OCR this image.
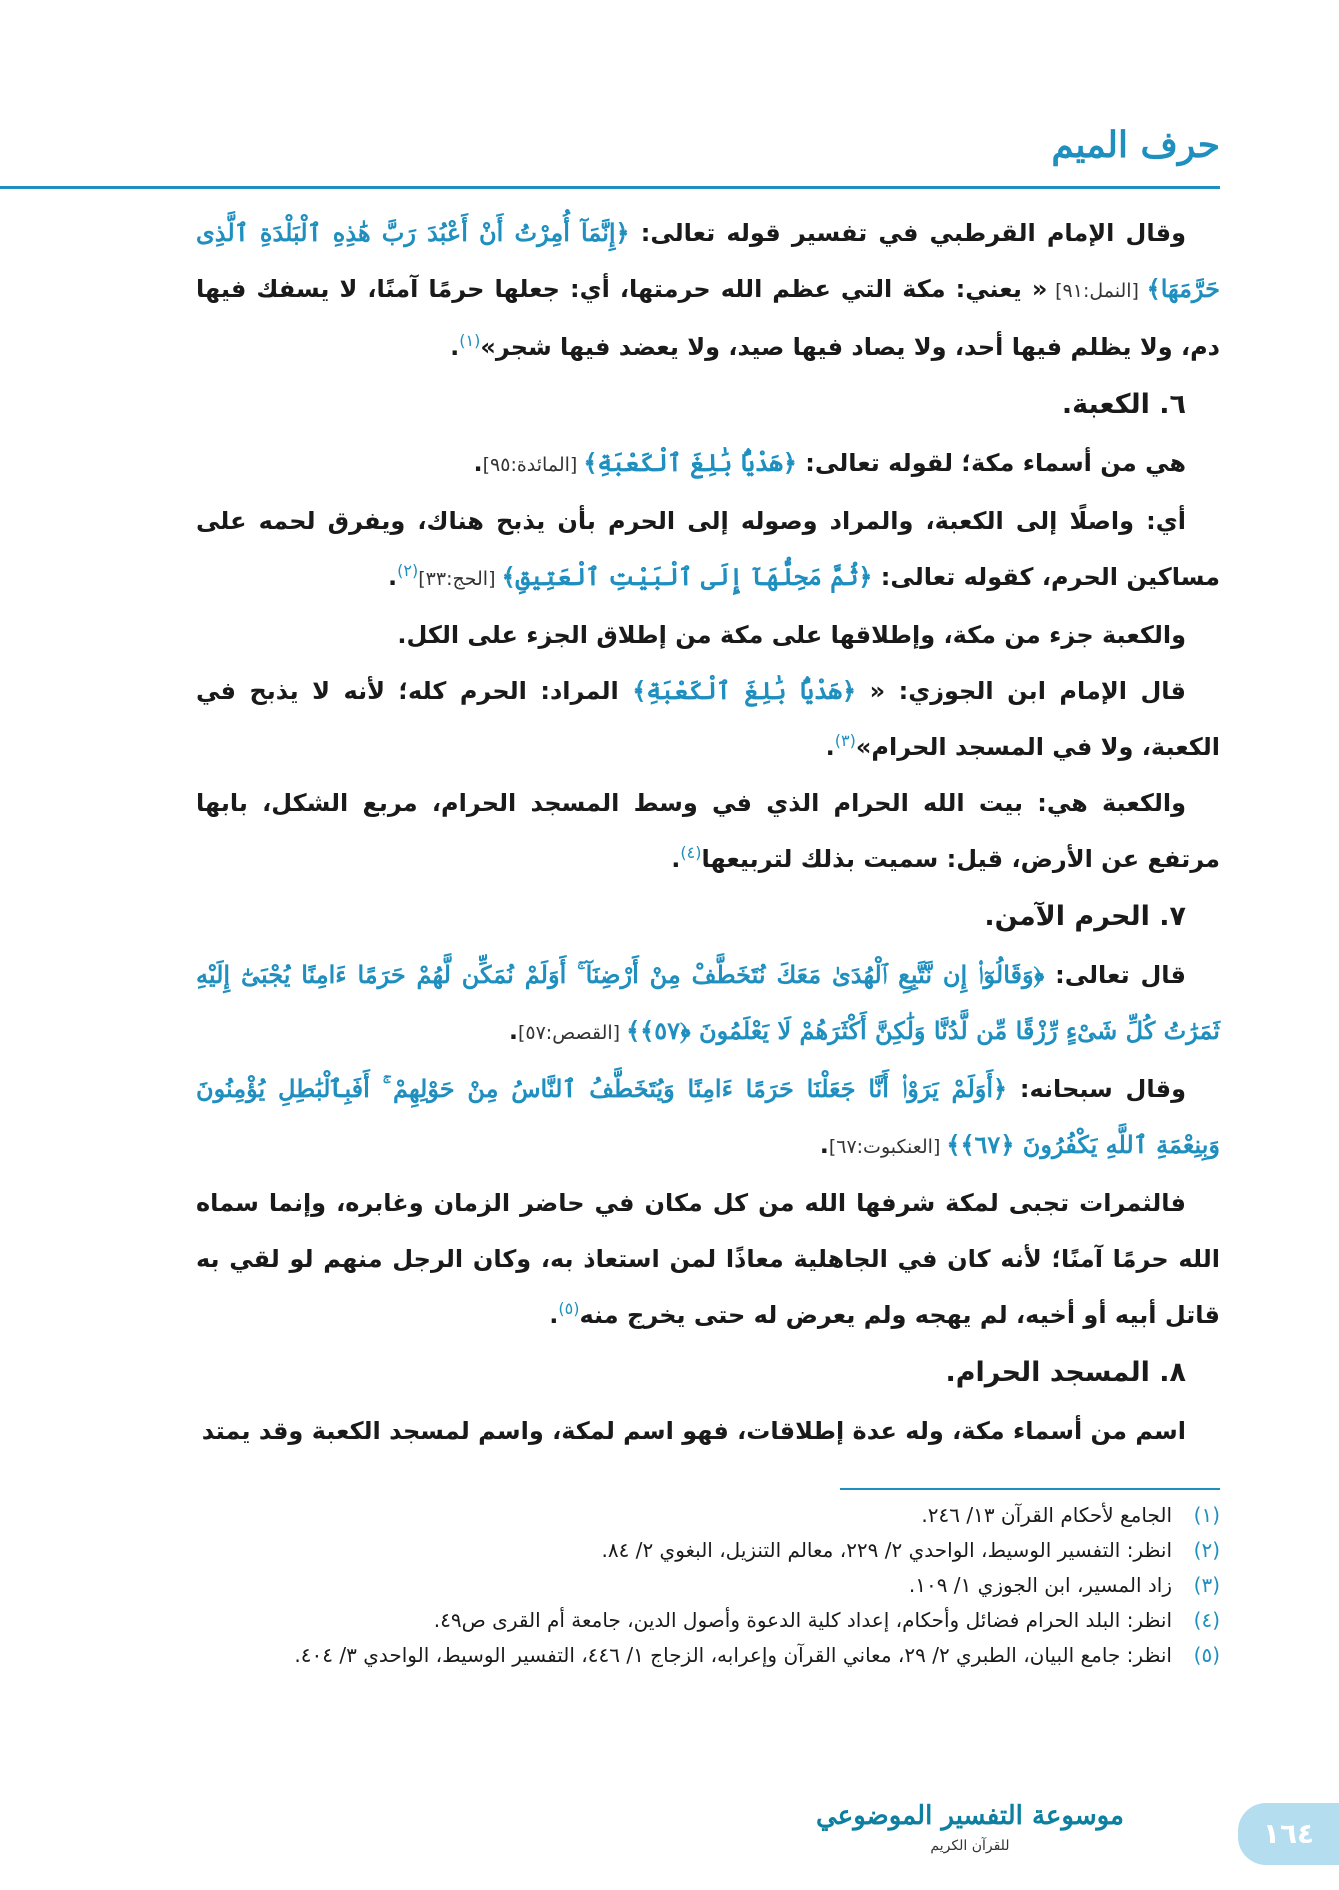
حرف الميم

وقال الإمام القرطبي في تفسير قوله تعالى: ﴿إِنَّمَآ أُمِرْتُ أَنْ أَعْبُدَ رَبَّ هَٰذِهِ ٱلْبَلْدَةِ ٱلَّذِى حَرَّمَهَا﴾ [النمل:٩١] « يعني: مكة التي عظم الله حرمتها، أي: جعلها حرمًا آمنًا، لا يسفك فيها دم، ولا يظلم فيها أحد، ولا يصاد فيها صيد، ولا يعضد فيها شجر»$^{(١)}$.

٦. الكعبة.

هي من أسماء مكة؛ لقوله تعالى: ﴿هَدْيًۢا بَٰلِغَ ٱلْكَعْبَةِ﴾ [المائدة:٩٥].

أي: واصلًا إلى الكعبة، والمراد وصوله إلى الحرم بأن يذبح هناك، ويفرق لحمه على مساكين الحرم، كقوله تعالى: ﴿ثُمَّ مَحِلُّهَآ إِلَى ٱلْبَيْتِ ٱلْعَتِيقِ﴾ [الحج:٣٣]$^{(٢)}$.

والكعبة جزء من مكة، وإطلاقها على مكة من إطلاق الجزء على الكل.

قال الإمام ابن الجوزي: « ﴿هَدْيًۢا بَٰلِغَ ٱلْكَعْبَةِ﴾ المراد: الحرم كله؛ لأنه لا يذبح في الكعبة، ولا في المسجد الحرام»$^{(٣)}$.

والكعبة هي: بيت الله الحرام الذي في وسط المسجد الحرام، مربع الشكل، بابها مرتفع عن الأرض، قيل: سميت بذلك لتربيعها$^{(٤)}$.

٧. الحرم الآمن.

قال تعالى: ﴿وَقَالُوٓا۟ إِن نَّتَّبِعِ ٱلْهُدَىٰ مَعَكَ نُتَخَطَّفْ مِنْ أَرْضِنَآ ۚ أَوَلَمْ نُمَكِّن لَّهُمْ حَرَمًا ءَامِنًا يُجْبَىٰٓ إِلَيْهِ ثَمَرَٰتُ كُلِّ شَىْءٍ رِّزْقًا مِّن لَّدُنَّا وَلَٰكِنَّ أَكْثَرَهُمْ لَا يَعْلَمُونَ ﴿٥٧﴾﴾ [القصص:٥٧].

وقال سبحانه: ﴿أَوَلَمْ يَرَوْا۟ أَنَّا جَعَلْنَا حَرَمًا ءَامِنًا وَيُتَخَطَّفُ ٱلنَّاسُ مِنْ حَوْلِهِمْ ۚ أَفَبِٱلْبَٰطِلِ يُؤْمِنُونَ وَبِنِعْمَةِ ٱللَّهِ يَكْفُرُونَ ﴿٦٧﴾﴾ [العنكبوت:٦٧].

فالثمرات تجبى لمكة شرفها الله من كل مكان في حاضر الزمان وغابره، وإنما سماه الله حرمًا آمنًا؛ لأنه كان في الجاهلية معاذًا لمن استعاذ به، وكان الرجل منهم لو لقي به قاتل أبيه أو أخيه، لم يهجه ولم يعرض له حتى يخرج منه$^{(٥)}$.

٨. المسجد الحرام.

اسم من أسماء مكة، وله عدة إطلاقات، فهو اسم لمكة، واسم لمسجد الكعبة وقد يمتد

(١)
الجامع لأحكام القرآن ١٣/ ٢٤٦.

(٢)
انظر: التفسير الوسيط، الواحدي ٢/ ٢٢٩، معالم التنزيل، البغوي ٢/ ٨٤.

(٣)
زاد المسير، ابن الجوزي ١/ ١٠٩.

(٤)
انظر: البلد الحرام فضائل وأحكام، إعداد كلية الدعوة وأصول الدين، جامعة أم القرى ص٤٩.

(٥)
انظر: جامع البيان، الطبري ٢/ ٢٩، معاني القرآن وإعرابه، الزجاج ١/ ٤٤٦، التفسير الوسيط، الواحدي ٣/ ٤٠٤.

موسوعة التفسير الموضوعي
للقرآن الكريم	١٦٤
